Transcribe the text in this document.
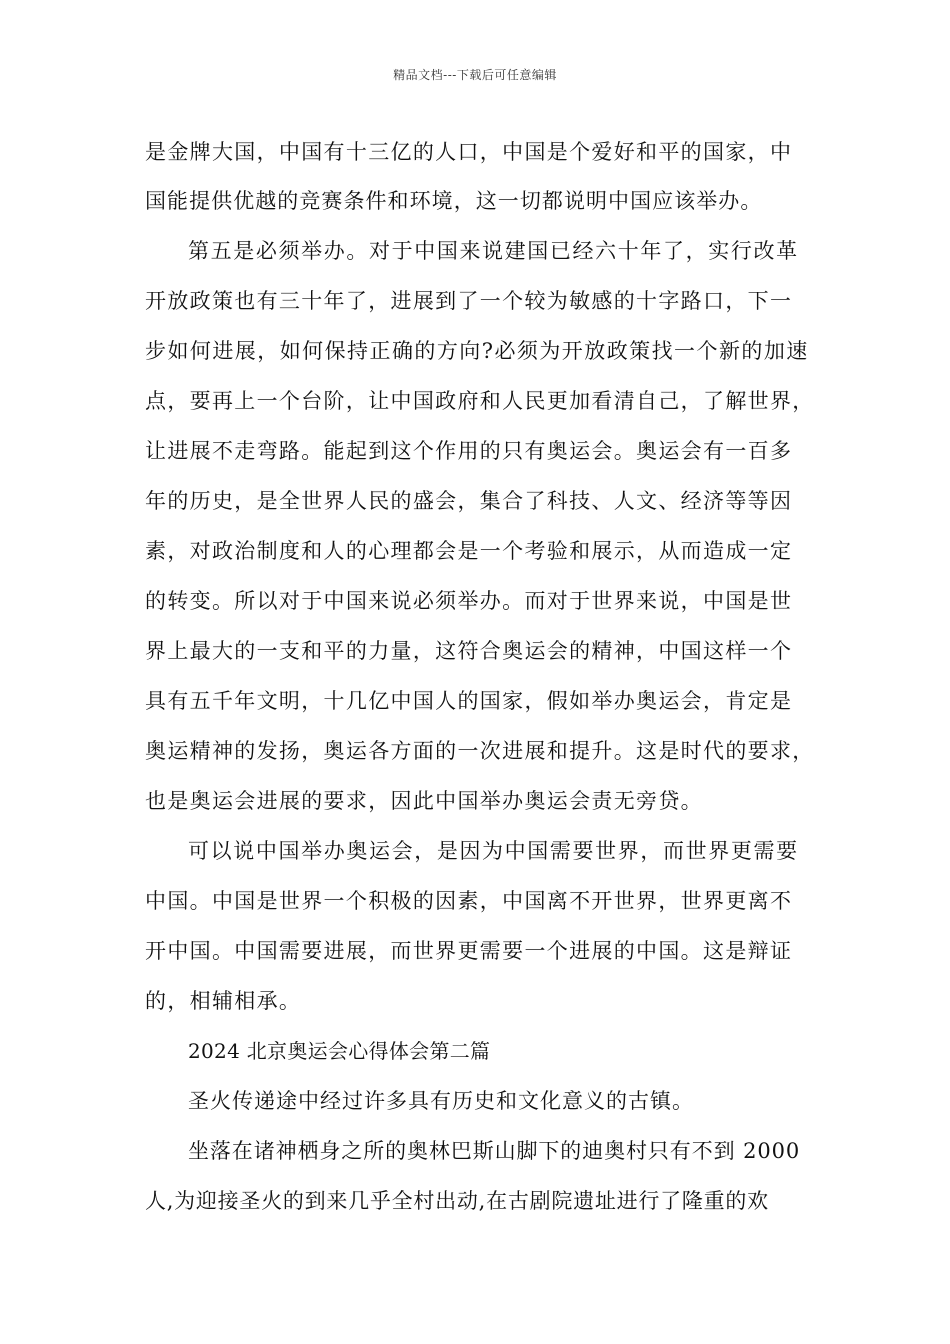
精品文档---下载后可任意编辑
是金牌大国，中国有十三亿的人口，中国是个爱好和平的国家，中
国能提供优越的竞赛条件和环境，这一切都说明中国应该举办。
第五是必须举办。对于中国来说建国已经六十年了，实行改革
开放政策也有三十年了，进展到了一个较为敏感的十字路口，下一
步如何进展，如何保持正确的方向?必须为开放政策找一个新的加速
点，要再上一个台阶，让中国政府和人民更加看清自己，了解世界，
让进展不走弯路。能起到这个作用的只有奥运会。奥运会有一百多
年的历史，是全世界人民的盛会，集合了科技、人文、经济等等因
素，对政治制度和人的心理都会是一个考验和展示，从而造成一定
的转变。所以对于中国来说必须举办。而对于世界来说，中国是世
界上最大的一支和平的力量，这符合奥运会的精神，中国这样一个
具有五千年文明，十几亿中国人的国家，假如举办奥运会，肯定是
奥运精神的发扬，奥运各方面的一次进展和提升。这是时代的要求，
也是奥运会进展的要求，因此中国举办奥运会责无旁贷。
可以说中国举办奥运会，是因为中国需要世界，而世界更需要
中国。中国是世界一个积极的因素，中国离不开世界，世界更离不
开中国。中国需要进展，而世界更需要一个进展的中国。这是辩证
的，相辅相承。
2024 北京奥运会心得体会第二篇
圣火传递途中经过许多具有历史和文化意义的古镇。
坐落在诸神栖身之所的奥林巴斯山脚下的迪奥村只有不到 2000
人,为迎接圣火的到来几乎全村出动,在古剧院遗址进行了隆重的欢
